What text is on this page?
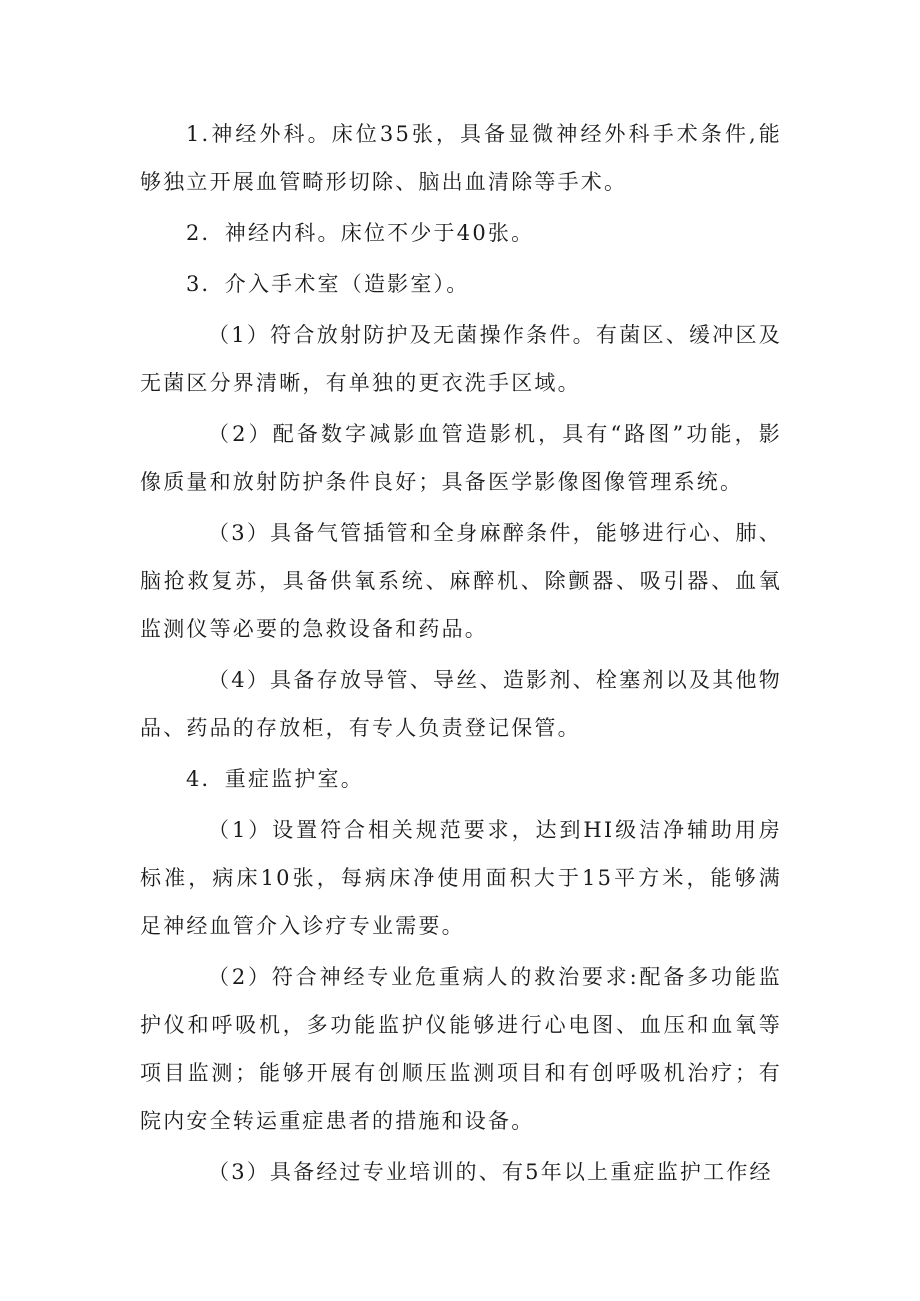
1.神经外科。床位35张，具备显微神经外科手术条件,能够独立开展血管畸形切除、脑出血清除等手术。

2．神经内科。床位不少于40张。

3．介入手术室（造影室）。

（1）符合放射防护及无菌操作条件。有菌区、缓冲区及无菌区分界清晰，有单独的更衣洗手区域。

（2）配备数字减影血管造影机，具有“路图”功能，影像质量和放射防护条件良好；具备医学影像图像管理系统。

（3）具备气管插管和全身麻醉条件，能够进行心、肺、脑抢救复苏，具备供氧系统、麻醉机、除颤器、吸引器、血氧监测仪等必要的急救设备和药品。

（4）具备存放导管、导丝、造影剂、栓塞剂以及其他物品、药品的存放柜，有专人负责登记保管。

4．重症监护室。

（1）设置符合相关规范要求，达到HI级洁净辅助用房标准，病床10张，每病床净使用面积大于15平方米，能够满足神经血管介入诊疗专业需要。

（2）符合神经专业危重病人的救治要求:配备多功能监护仪和呼吸机，多功能监护仪能够进行心电图、血压和血氧等项目监测；能够开展有创顺压监测项目和有创呼吸机治疗；有院内安全转运重症患者的措施和设备。

（3）具备经过专业培训的、有5年以上重症监护工作经
